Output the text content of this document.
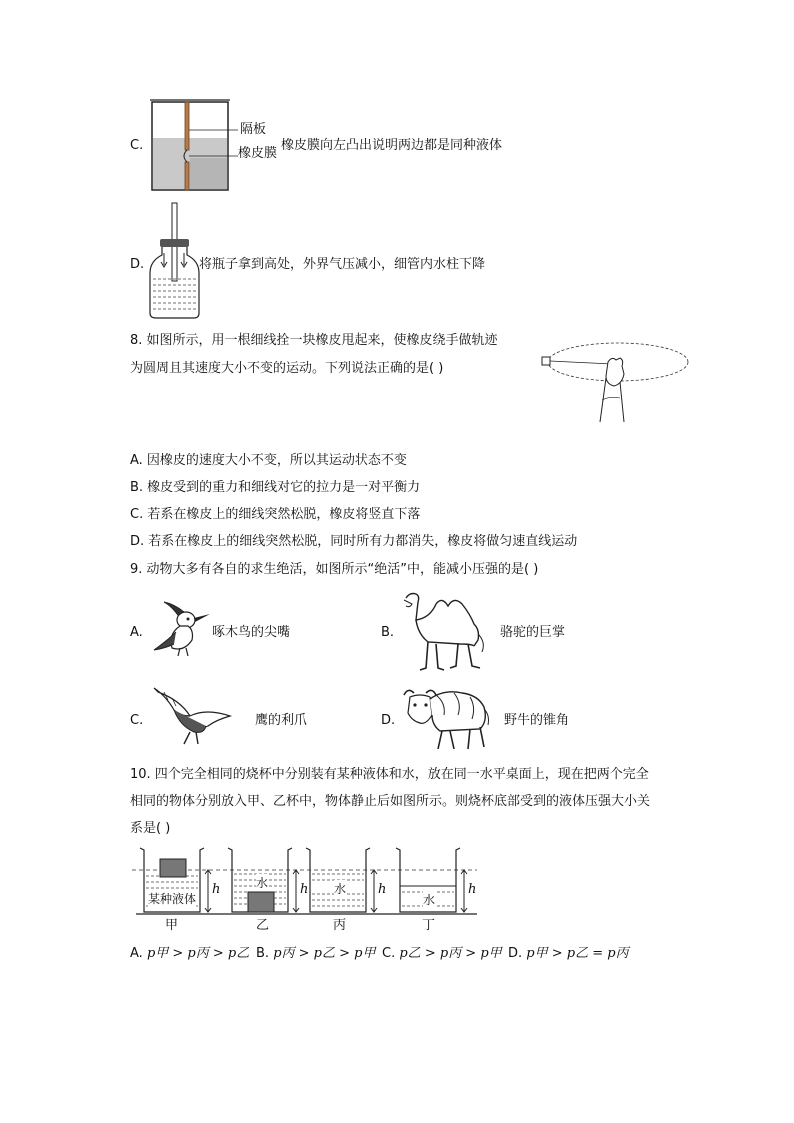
C.
隔板
橡皮膜
橡皮膜向左凸出说明两边都是同种液体
D.	将瓶子拿到高处，外界气压减小，细管内水柱下降
8. 如图所示，用一根细线拴一块橡皮甩起来，使橡皮绕手做轨迹
为圆周且其速度大小不变的运动。下列说法正确的是( )
A. 因橡皮的速度大小不变，所以其运动状态不变
B. 橡皮受到的重力和细线对它的拉力是一对平衡力
C. 若系在橡皮上的细线突然松脱，橡皮将竖直下落
D. 若系在橡皮上的细线突然松脱，同时所有力都消失，橡皮将做匀速直线运动
9. 动物大多有各自的求生绝活，如图所示“绝活”中，能减小压强的是( )
A.	啄木鸟的尖嘴	B.	骆驼的巨掌
C.	鹰的利爪	D.	野牛的锥角
10. 四个完全相同的烧杯中分别装有某种液体和水，放在同一水平桌面上，现在把两个完全
相同的物体分别放入甲、乙杯中，物体静止后如图所示。则烧杯底部受到的液体压强大小关
系是( )
某种液体
水	水
水
h	h	h	h
甲	乙	丙	丁
A. p甲 > p丙 > p乙 B. p丙 > p乙 > p甲 C. p乙 > p丙 > p甲 D. p甲 > p乙 = p丙
